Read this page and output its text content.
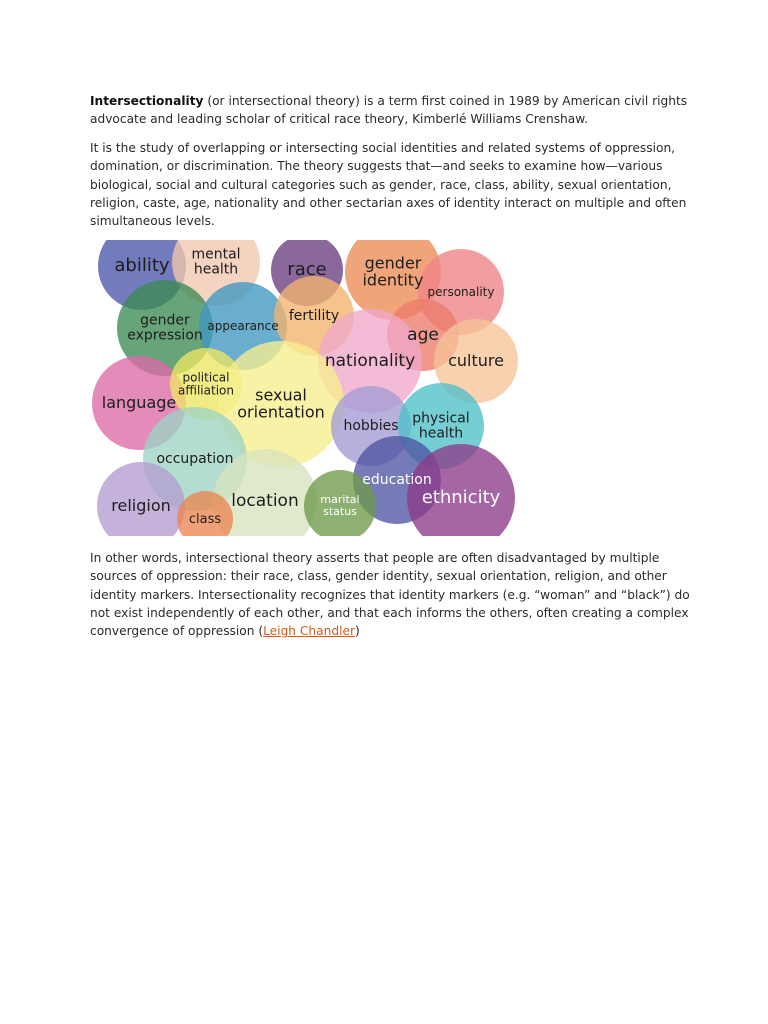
Intersectionality (or intersectional theory) is a term first coined in 1989 by American civil rights advocate and leading scholar of critical race theory, Kimberlé Williams Crenshaw.

It is the study of overlapping or intersecting social identities and related systems of oppression, domination, or discrimination. The theory suggests that—and seeks to examine how—various biological, social and cultural categories such as gender, race, class, ability, sexual orientation, religion, caste, age, nationality and other sectarian axes of identity interact on multiple and often simultaneous levels.

ability
mental health	race gender identity
personality
gender expression
appearance
fertility
age
nationality culture
language
political affiliation	sexual orientation
hobbies physical health
occupation
location
education
ethnicity
religion
class
marital status

In other words, intersectional theory asserts that people are often disadvantaged by multiple sources of oppression: their race, class, gender identity, sexual orientation, religion, and other identity markers. Intersectionality recognizes that identity markers (e.g. “woman” and “black”) do not exist independently of each other, and that each informs the others, often creating a complex convergence of oppression (Leigh Chandler)
